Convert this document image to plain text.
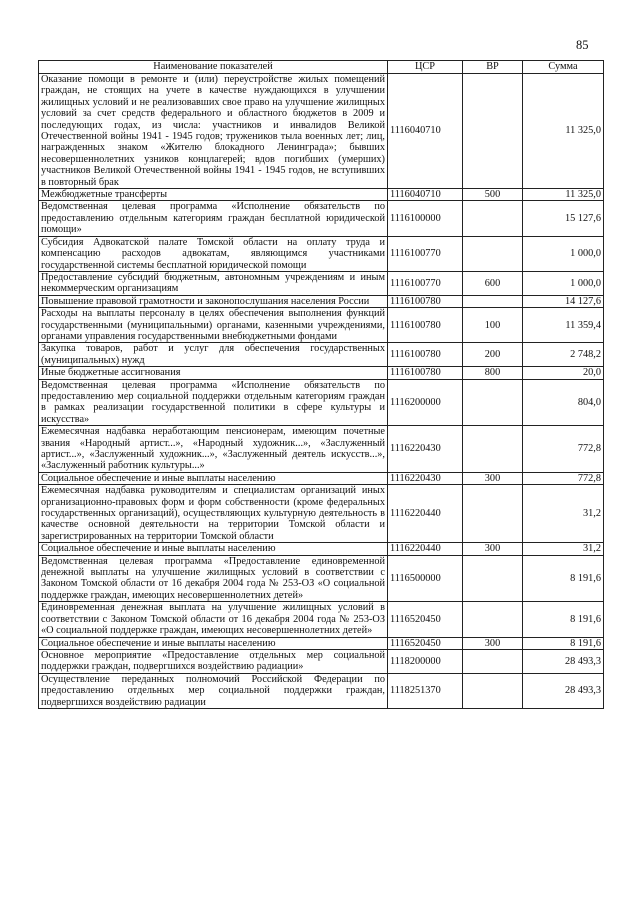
85
Наименование показателей	ЦСР	ВР	Сумма
Оказание помощи в ремонте и (или) переустройстве жилых помещений граждан, не стоящих на учете в качестве нуждающихся в улучшении жилищных условий и не реализовавших свое право на улучшение жилищных условий за счет средств федерального и областного бюджетов в 2009 и последующих годах, из числа: участников и инвалидов Великой Отечественной войны 1941 - 1945 годов; тружеников тыла военных лет; лиц, награжденных знаком «Жителю блокадного Ленинграда»; бывших несовершеннолетних узников концлагерей; вдов погибших (умерших) участников Великой Отечественной войны 1941 - 1945 годов, не вступивших в повторный брак	1116040710		11 325,0
Межбюджетные трансферты	1116040710	500	11 325,0
Ведомственная целевая программа «Исполнение обязательств по предоставлению отдельным категориям граждан бесплатной юридической помощи»	1116100000		15 127,6
Субсидия Адвокатской палате Томской области на оплату труда и компенсацию расходов адвокатам, являющимся участниками государственной системы бесплатной юридической помощи	1116100770		1 000,0
Предоставление субсидий бюджетным, автономным учреждениям и иным некоммерческим организациям	1116100770	600	1 000,0
Повышение правовой грамотности и законопослушания населения России	1116100780		14 127,6
Расходы на выплаты персоналу в целях обеспечения выполнения функций государственными (муниципальными) органами, казенными учреждениями, органами управления государственными внебюджетными фондами	1116100780	100	11 359,4
Закупка товаров, работ и услуг для обеспечения государственных (муниципальных) нужд	1116100780	200	2 748,2
Иные бюджетные ассигнования	1116100780	800	20,0
Ведомственная целевая программа «Исполнение обязательств по предоставлению мер социальной поддержки отдельным категориям граждан в рамках реализации государственной политики в сфере культуры и искусства»	1116200000		804,0
Ежемесячная надбавка неработающим пенсионерам, имеющим почетные звания «Народный артист...», «Народный художник...», «Заслуженный артист...», «Заслуженный художник...», «Заслуженный деятель искусств...», «Заслуженный работник культуры...»	1116220430		772,8
Социальное обеспечение и иные выплаты населению	1116220430	300	772,8
Ежемесячная надбавка руководителям и специалистам организаций иных организационно-правовых форм и форм собственности (кроме федеральных государственных организаций), осуществляющих культурную деятельность в качестве основной деятельности на территории Томской области и зарегистрированных на территории Томской области	1116220440		31,2
Социальное обеспечение и иные выплаты населению	1116220440	300	31,2
Ведомственная целевая программа «Предоставление единовременной денежной выплаты на улучшение жилищных условий в соответствии с Законом Томской области от 16 декабря 2004 года № 253-ОЗ «О социальной поддержке граждан, имеющих несовершеннолетних детей»	1116500000		8 191,6
Единовременная денежная выплата на улучшение жилищных условий в соответствии с Законом Томской области от 16 декабря 2004 года № 253-ОЗ «О социальной поддержке граждан, имеющих несовершеннолетних детей»	1116520450		8 191,6
Социальное обеспечение и иные выплаты населению	1116520450	300	8 191,6
Основное мероприятие «Предоставление отдельных мер социальной поддержки граждан, подвергшихся воздействию радиации»	1118200000		28 493,3
Осуществление переданных полномочий Российской Федерации по предоставлению отдельных мер социальной поддержки граждан, подвергшихся воздействию радиации	1118251370		28 493,3
